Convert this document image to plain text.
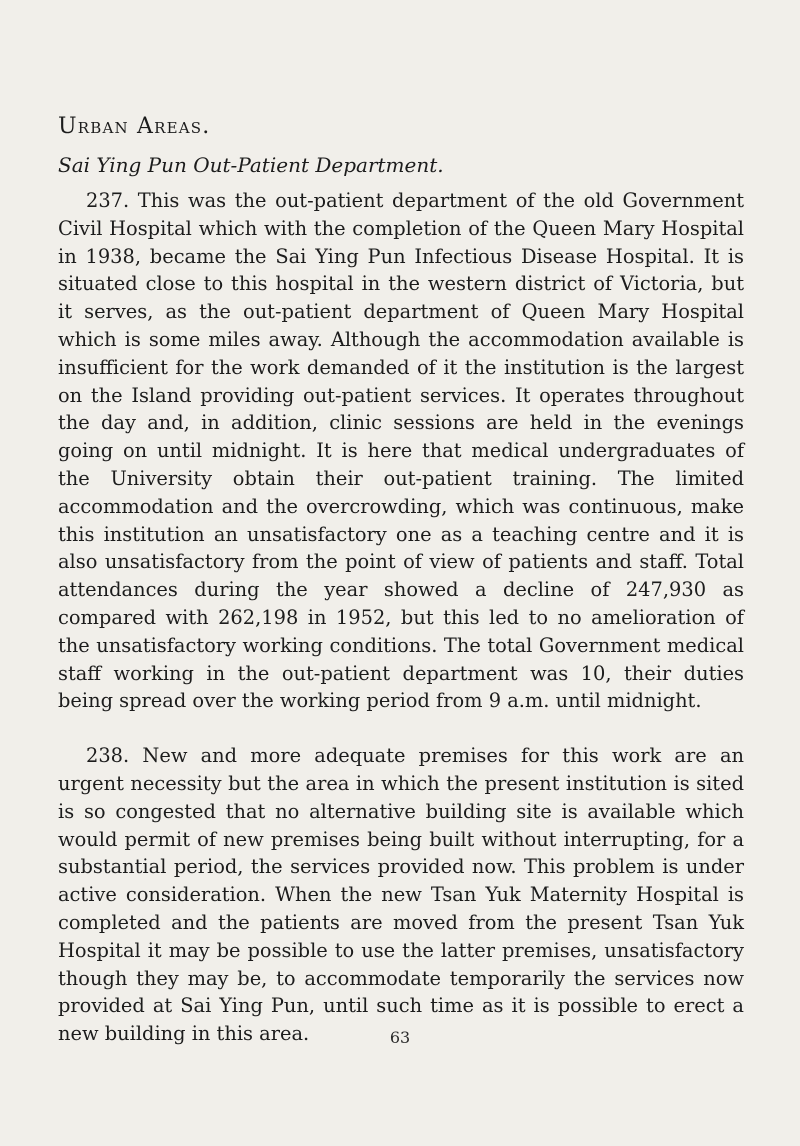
Urban Areas.
Sai Ying Pun Out-Patient Department.

237. This was the out-patient department of the old Government Civil Hospital which with the completion of the Queen Mary Hospital in 1938, became the Sai Ying Pun Infectious Disease Hospital. It is situated close to this hospital in the western district of Victoria, but it serves, as the out-patient department of Queen Mary Hospital which is some miles away. Although the accommodation available is insufficient for the work demanded of it the institution is the largest on the Island providing out-patient services. It operates throughout the day and, in addition, clinic sessions are held in the evenings going on until midnight. It is here that medical undergraduates of the University obtain their out-patient training. The limited accommodation and the overcrowding, which was continuous, make this institution an unsatisfactory one as a teaching centre and it is also unsatisfactory from the point of view of patients and staff. Total attendances during the year showed a decline of 247,930 as compared with 262,198 in 1952, but this led to no amelioration of the unsatisfactory working conditions. The total Government medical staff working in the out-patient department was 10, their duties being spread over the working period from 9 a.m. until midnight.

238. New and more adequate premises for this work are an urgent necessity but the area in which the present institution is sited is so congested that no alternative building site is available which would permit of new premises being built without interrupting, for a substantial period, the services provided now. This problem is under active consideration. When the new Tsan Yuk Maternity Hospital is completed and the patients are moved from the present Tsan Yuk Hospital it may be possible to use the latter premises, unsatisfactory though they may be, to accommodate temporarily the services now provided at Sai Ying Pun, until such time as it is possible to erect a new building in this area.	63
